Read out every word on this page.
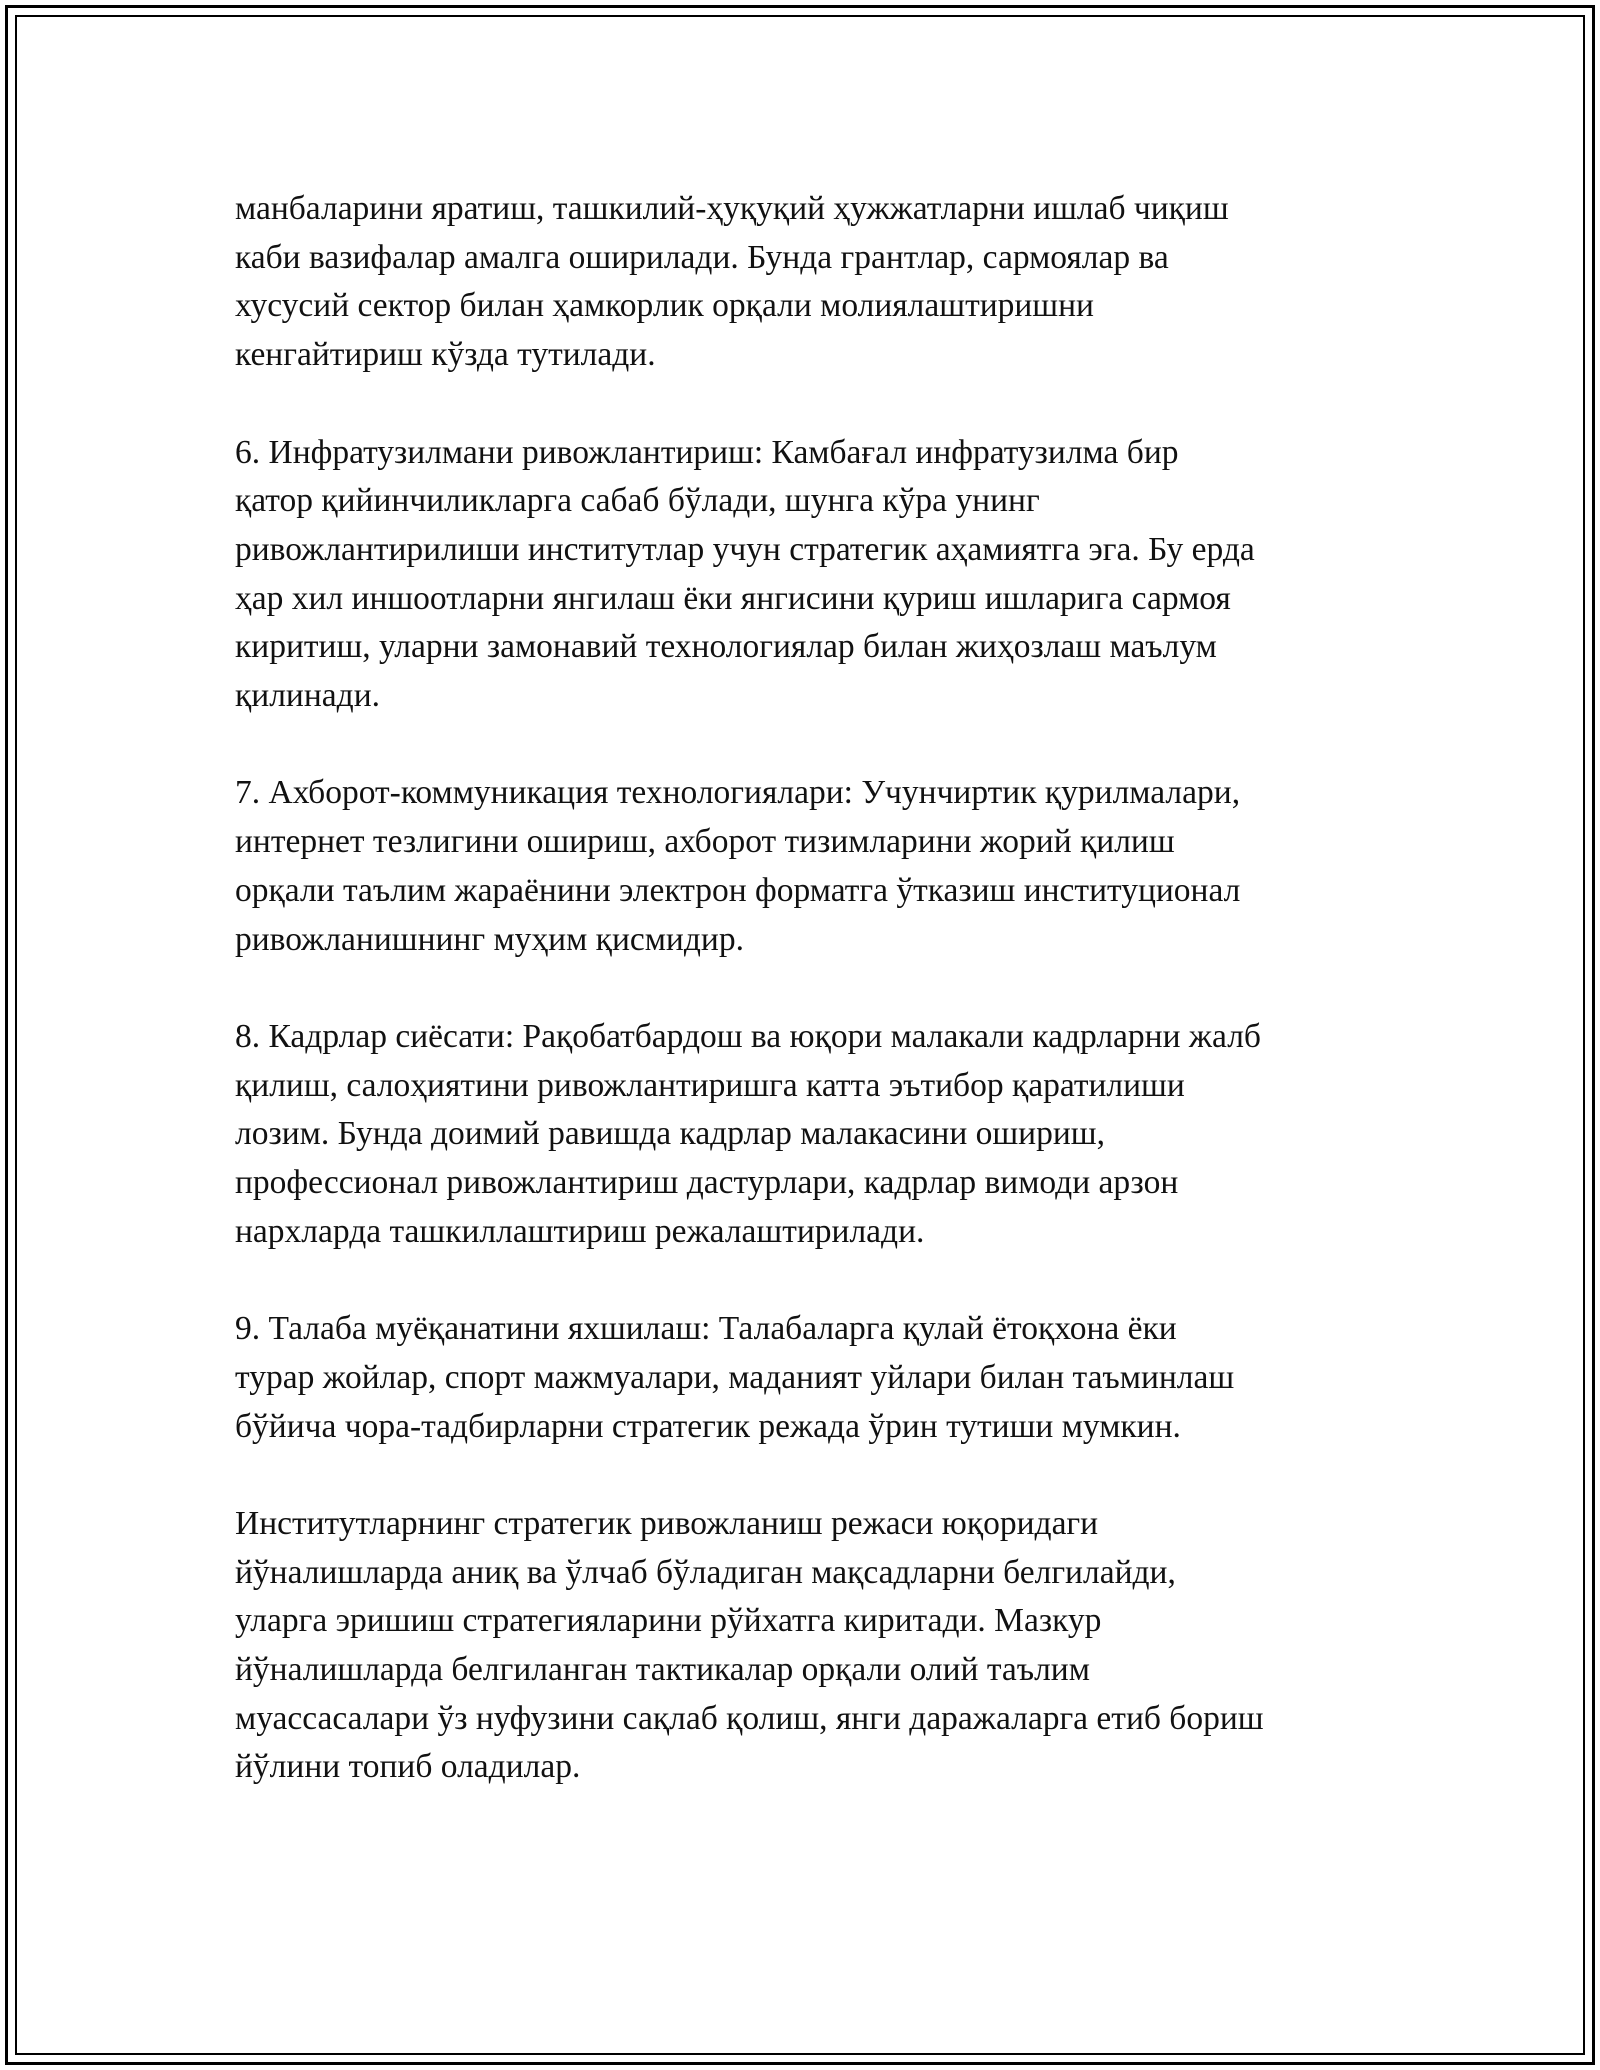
манбаларини яратиш, ташкилий-ҳуқуқий ҳужжатларни ишлаб чиқиш
каби вазифалар амалга оширилади. Бунда грантлар, сармоялар ва
хусусий сектор билан ҳамкорлик орқали молиялаштиришни
кенгайтириш кўзда тутилади.

6. Инфратузилмани ривожлантириш: Камбағал инфратузилма бир
қатор қийинчиликларга сабаб бўлади, шунга кўра унинг
ривожлантирилиши институтлар учун стратегик аҳамиятга эга. Бу ерда
ҳар хил иншоотларни янгилаш ёки янгисини қуриш ишларига сармоя
киритиш, уларни замонавий технологиялар билан жиҳозлаш маълум
қилинади.

7. Ахборот-коммуникация технологиялари: Учунчиртик қурилмалари,
интернет тезлигини ошириш, ахборот тизимларини жорий қилиш
орқали таълим жараёнини электрон форматга ўтказиш институционал
ривожланишнинг муҳим қисмидир.

8. Кадрлар сиёсати: Рақобатбардош ва юқори малакали кадрларни жалб
қилиш, салоҳиятини ривожлантиришга катта эътибор қаратилиши
лозим. Бунда доимий равишда кадрлар малакасини ошириш,
профессионал ривожлантириш дастурлари, кадрлар вимоди арзон
нархларда ташкиллаштириш режалаштирилади.

9. Талаба муёқанатини яхшилаш: Талабаларга қулай ётоқхона ёки
турар жойлар, спорт мажмуалари, маданият уйлари билан таъминлаш
бўйича чора-тадбирларни стратегик режада ўрин тутиши мумкин.

Институтларнинг стратегик ривожланиш режаси юқоридаги
йўналишларда аниқ ва ўлчаб бўладиган мақсадларни белгилайди,
уларга эришиш стратегияларини рўйхатга киритади. Мазкур
йўналишларда белгиланган тактикалар орқали олий таълим
муассасалари ўз нуфузини сақлаб қолиш, янги даражаларга етиб бориш
йўлини топиб оладилар.
